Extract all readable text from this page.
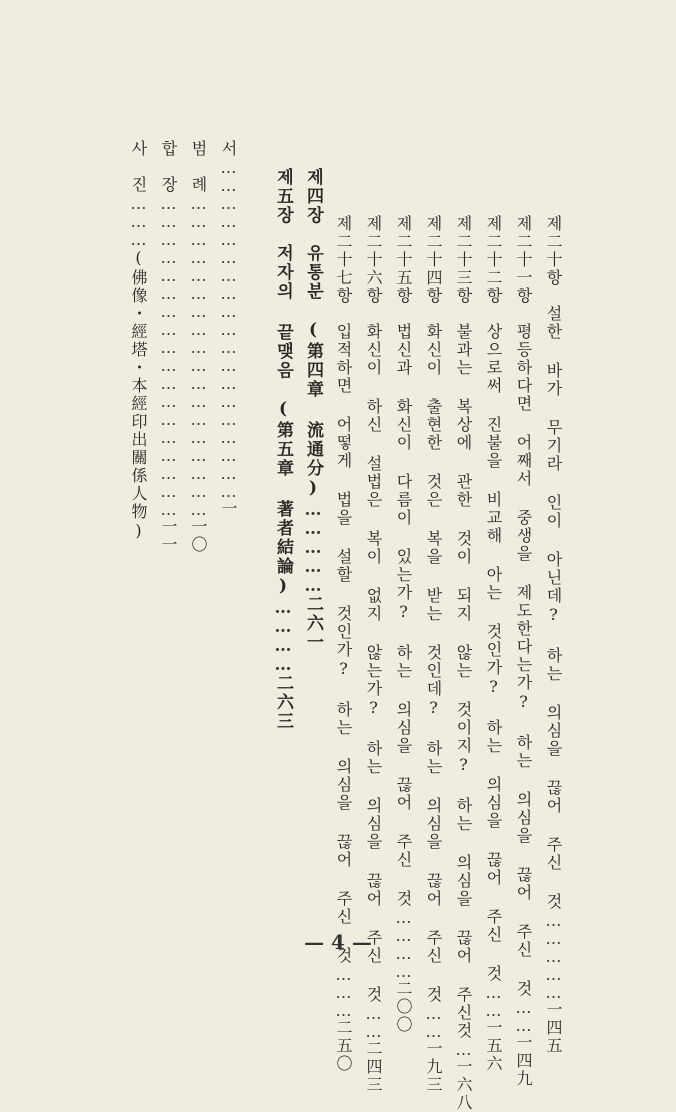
제二十항　설한 바가 무기라 인이 아닌데? 하는 의심을 끊어 주신 것……………一四五
제二十一항　평등하다면 어째서 중생을 제도한다는가? 하는 의심을 끊어 주신 것……一四九
제二十二항　상으로써 진불을 비교해 아는 것인가? 하는 의심을 끊어 주신 것……一五六
제二十三항　불과는 복상에 관한 것이 되지 않는 것이지? 하는 의심을 끊어 주신것…一六八
제二十四항　화신이 출현한 것은 복을 받는 것인데? 하는 의심을 끊어 주신 것……一九三
제二十五항　법신과 화신이 다름이 있는가? 하는 의심을 끊어 주신 것…………二〇〇
제二十六항　화신이 하신 설법은 복이 없지 않는가? 하는 의심을 끊어 주신 것……二四三
제二十七항　입적하면 어떻게 법을 설할 것인가? 하는 의심을 끊어 주신 것………二五〇
제四장　유통분　(第四章 流通分)……………二六一
제五장　저자의 끝맺음　(第五章 著者結論)…………二六三
서…………………………………………………一
범　례………………………………………………一〇
합　장………………………………………………一一
사　진………(佛像・經塔・本經印出關係人物)
— 4 —
